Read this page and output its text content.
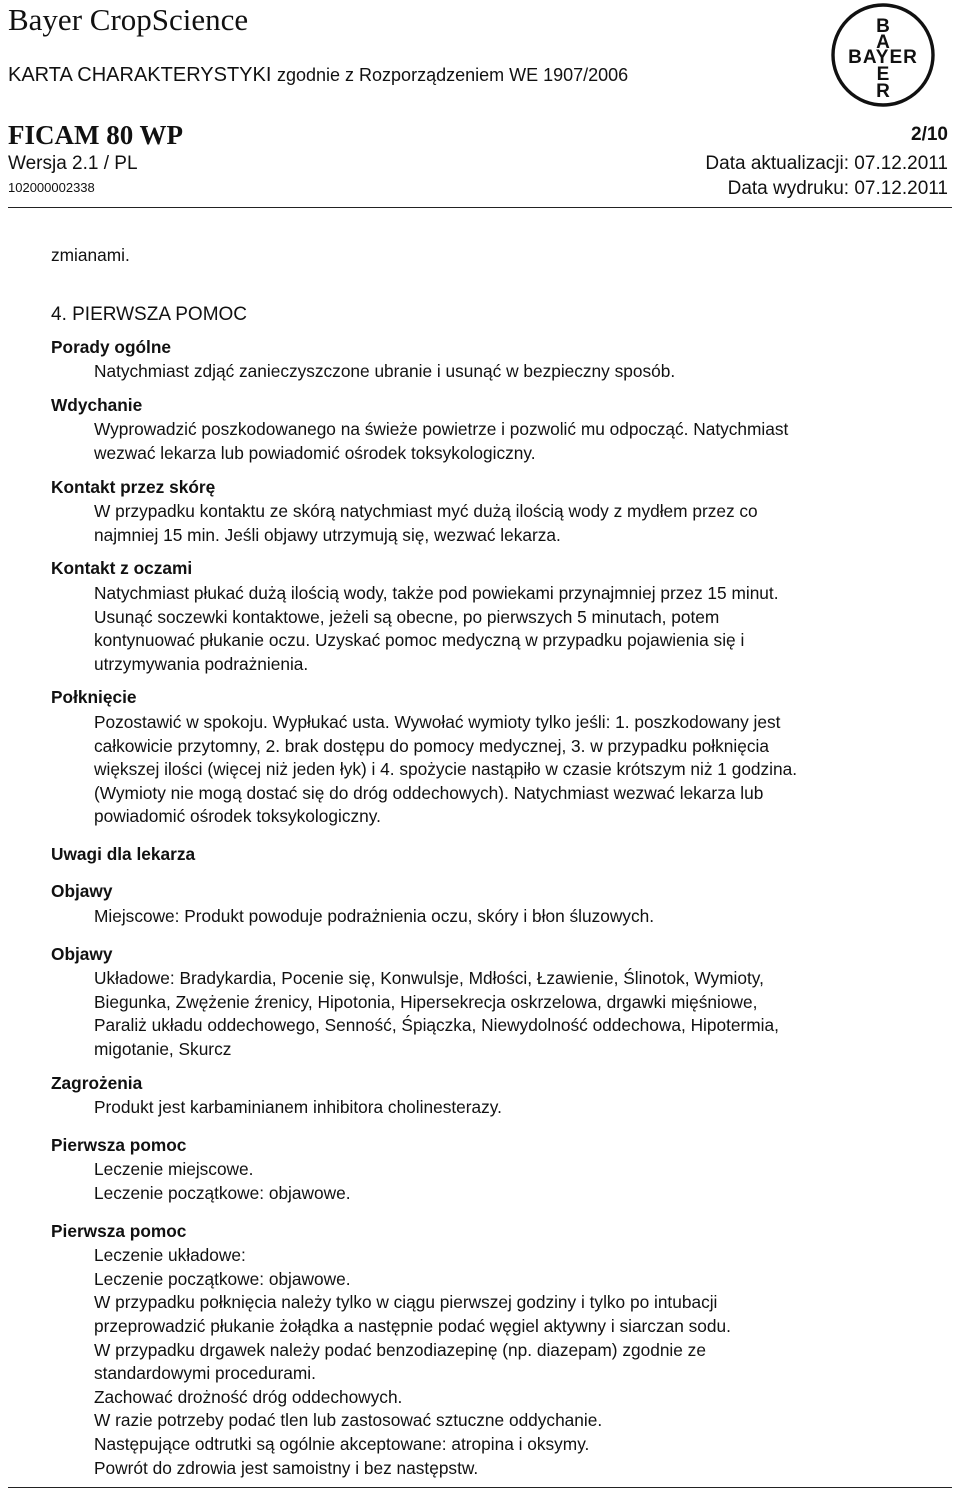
Bayer CropScience
KARTA CHARAKTERYSTYKI zgodnie z Rozporządzeniem WE 1907/2006
B
A
BAYER
E
R
FICAM 80 WP	2/10
Wersja 2.1 / PL	Data aktualizacji: 07.12.2011
102000002338	Data wydruku: 07.12.2011

zmianami.

4. PIERWSZA POMOC

Porady ogólne

Natychmiast zdjąć zanieczyszczone ubranie i usunąć w bezpieczny sposób.

Wdychanie

Wyprowadzić poszkodowanego na świeże powietrze i pozwolić mu odpocząć. Natychmiast

wezwać lekarza lub powiadomić ośrodek toksykologiczny.

Kontakt przez skórę

W przypadku kontaktu ze skórą natychmiast myć dużą ilością wody z mydłem przez co

najmniej 15 min. Jeśli objawy utrzymują się, wezwać lekarza.

Kontakt z oczami

Natychmiast płukać dużą ilością wody, także pod powiekami przynajmniej przez 15 minut.

Usunąć soczewki kontaktowe, jeżeli są obecne, po pierwszych 5 minutach, potem

kontynuować płukanie oczu. Uzyskać pomoc medyczną w przypadku pojawienia się i

utrzymywania podrażnienia.

Połknięcie

Pozostawić w spokoju. Wypłukać usta. Wywołać wymioty tylko jeśli: 1. poszkodowany jest

całkowicie przytomny, 2. brak dostępu do pomocy medycznej, 3. w przypadku połknięcia

większej ilości (więcej niż jeden łyk) i 4. spożycie nastąpiło w czasie krótszym niż 1 godzina.

(Wymioty nie mogą dostać się do dróg oddechowych). Natychmiast wezwać lekarza lub

powiadomić ośrodek toksykologiczny.

Uwagi dla lekarza

Objawy

Miejscowe: Produkt powoduje podrażnienia oczu, skóry i błon śluzowych.

Objawy

Układowe: Bradykardia, Pocenie się, Konwulsje, Mdłości, Łzawienie, Ślinotok, Wymioty,

Biegunka, Zwężenie źrenicy, Hipotonia, Hipersekrecja oskrzelowa, drgawki mięśniowe,

Paraliż układu oddechowego, Senność, Śpiączka, Niewydolność oddechowa, Hipotermia,

migotanie, Skurcz

Zagrożenia

Produkt jest karbaminianem inhibitora cholinesterazy.

Pierwsza pomoc

Leczenie miejscowe.

Leczenie początkowe: objawowe.

Pierwsza pomoc

Leczenie układowe:

Leczenie początkowe: objawowe.

W przypadku połknięcia należy tylko w ciągu pierwszej godziny i tylko po intubacji

przeprowadzić płukanie żołądka a następnie podać węgiel aktywny i siarczan sodu.

W przypadku drgawek należy podać benzodiazepinę (np. diazepam) zgodnie ze

standardowymi procedurami.

Zachować drożność dróg oddechowych.

W razie potrzeby podać tlen lub zastosować sztuczne oddychanie.

Następujące odtrutki są ogólnie akceptowane: atropina i oksymy.

Powrót do zdrowia jest samoistny i bez następstw.
